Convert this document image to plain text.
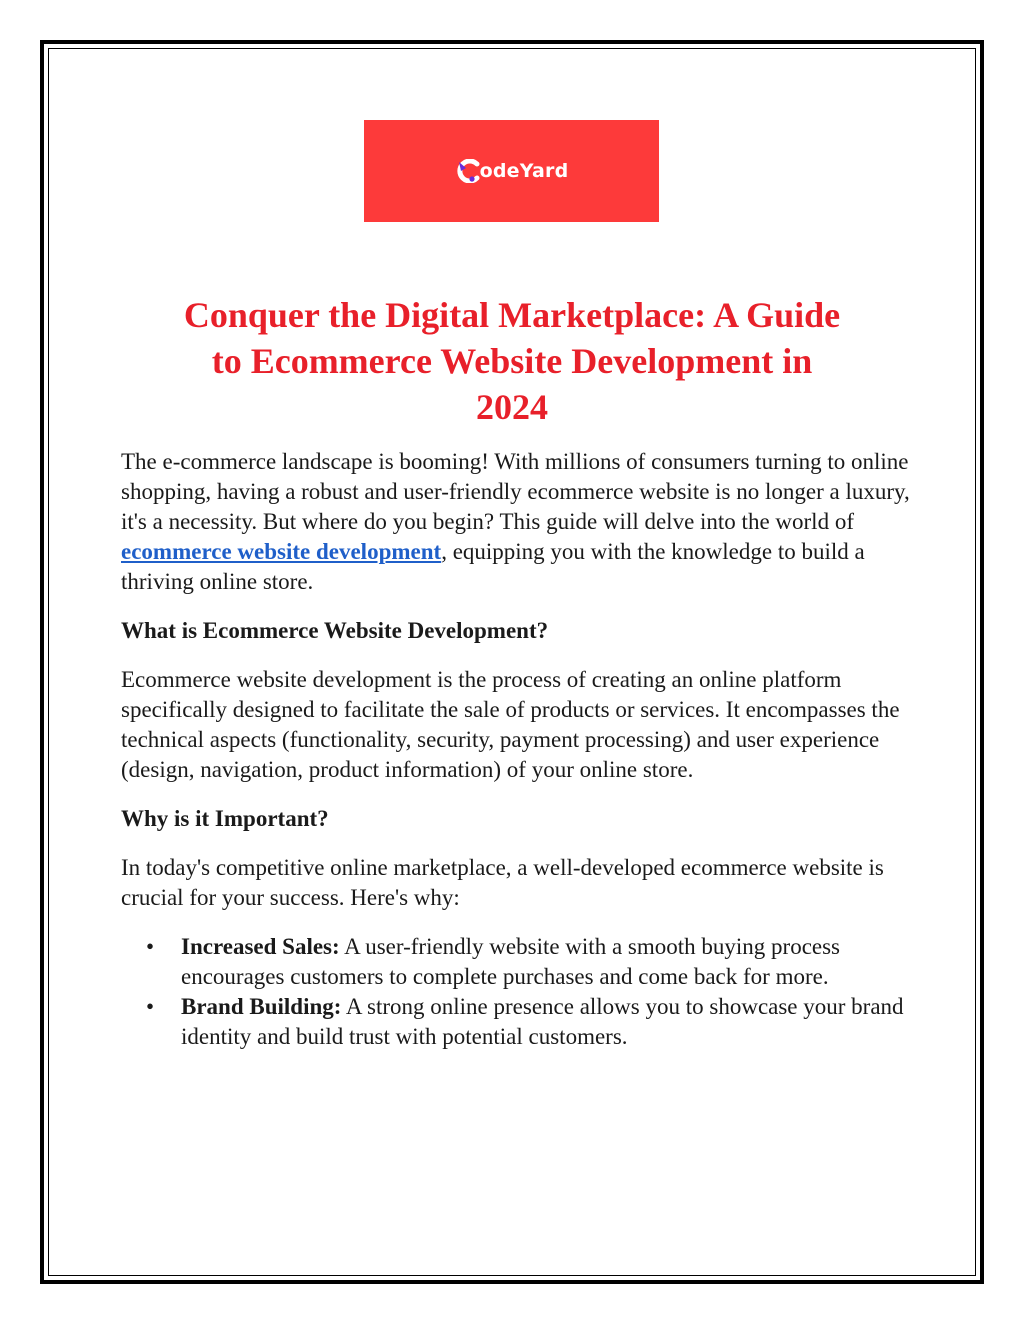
odeYard
Conquer the Digital Marketplace: A Guide
to Ecommerce Website Development in
2024

The e-commerce landscape is booming! With millions of consumers turning to online shopping, having a robust and user-friendly ecommerce website is no longer a luxury, it's a necessity. But where do you begin? This guide will delve into the world of ecommerce website development, equipping you with the knowledge to build a thriving online store.

What is Ecommerce Website Development?

Ecommerce website development is the process of creating an online platform specifically designed to facilitate the sale of products or services. It encompasses the technical aspects (functionality, security, payment processing) and user experience (design, navigation, product information) of your online store.

Why is it Important?

In today's competitive online marketplace, a well-developed ecommerce website is crucial for your success. Here's why:

• Increased Sales: A user-friendly website with a smooth buying process encourages customers to complete purchases and come back for more.
• Brand Building: A strong online presence allows you to showcase your brand identity and build trust with potential customers.
